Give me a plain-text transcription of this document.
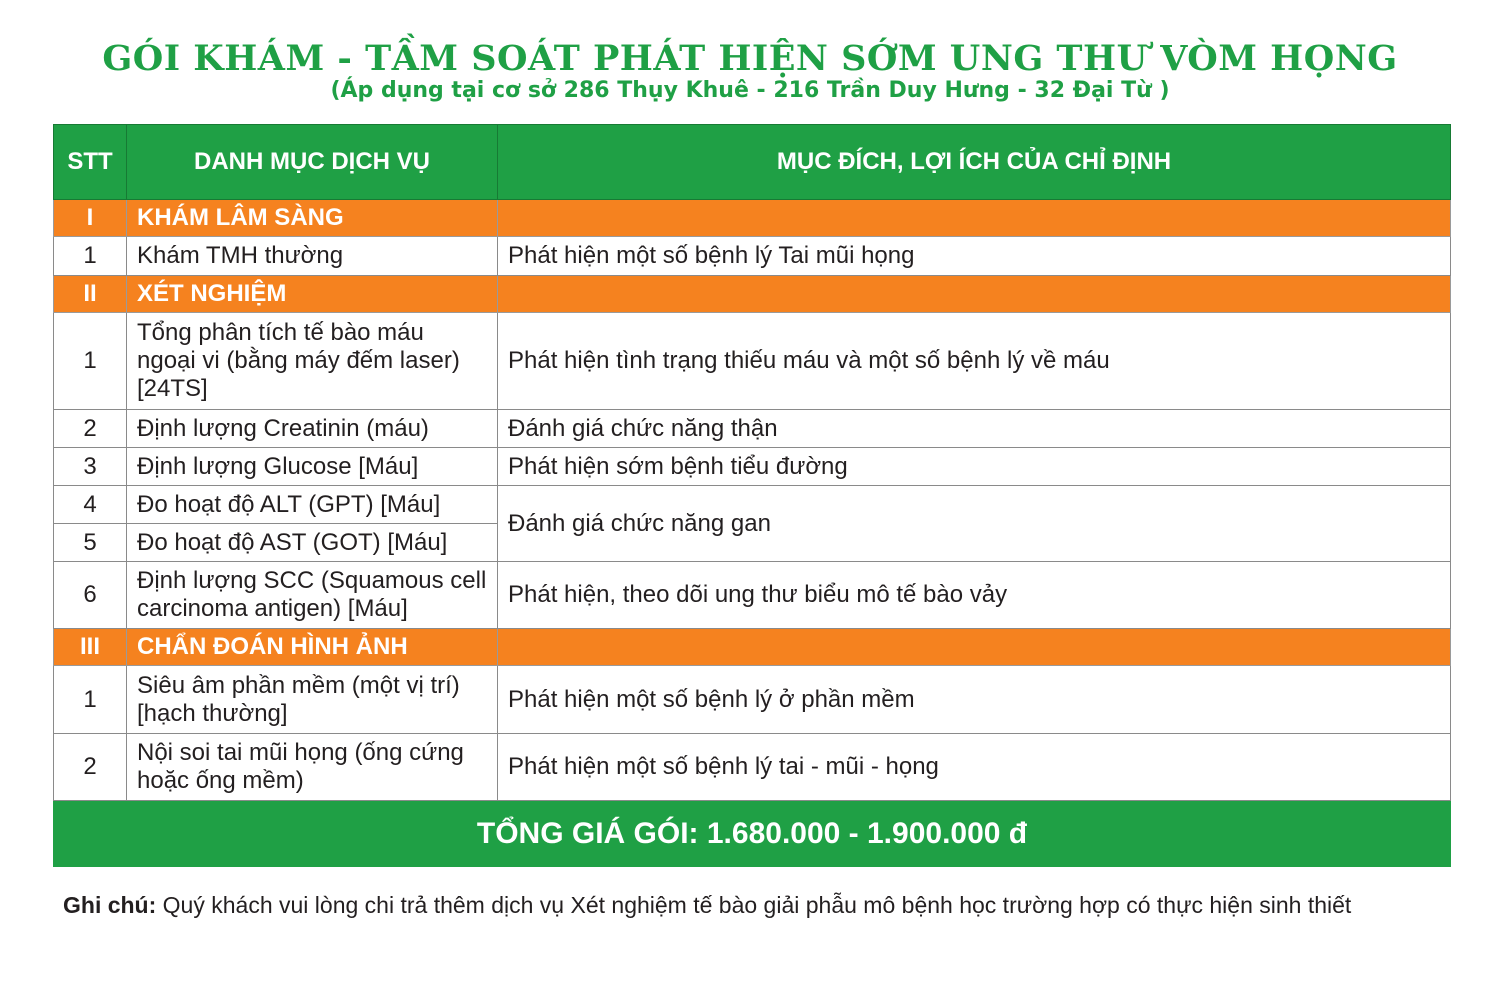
GÓI KHÁM - TẦM SOÁT PHÁT HIỆN SỚM UNG THƯ VÒM HỌNG
(Áp dụng tại cơ sở 286 Thụy Khuê - 216 Trần Duy Hưng - 32 Đại Từ )
STT	DANH MỤC DỊCH VỤ	MỤC ĐÍCH, LỢI ÍCH CỦA CHỈ ĐỊNH
I	KHÁM LÂM SÀNG	
1	Khám TMH thường	Phát hiện một số bệnh lý Tai mũi họng
II	XÉT NGHIỆM	
1	Tổng phân tích tế bào máu ngoại vi (bằng máy đếm laser) [24TS]	Phát hiện tình trạng thiếu máu và một số bệnh lý về máu
2	Định lượng Creatinin (máu)	Đánh giá chức năng thận
3	Định lượng Glucose [Máu]	Phát hiện sớm bệnh tiểu đường
4	Đo hoạt độ ALT (GPT) [Máu]	Đánh giá chức năng gan
5	Đo hoạt độ AST (GOT) [Máu]	
6	Định lượng SCC (Squamous cell carcinoma antigen) [Máu]	Phát hiện, theo dõi ung thư biểu mô tế bào vảy
III	CHẨN ĐOÁN HÌNH ẢNH	
1	Siêu âm phần mềm (một vị trí) [hạch thường]	Phát hiện một số bệnh lý ở phần mềm
2	Nội soi tai mũi họng (ống cứng hoặc ống mềm)	Phát hiện một số bệnh lý tai - mũi - họng
TỔNG GIÁ GÓI: 1.680.000 - 1.900.000 đ		
Ghi chú: Quý khách vui lòng chi trả thêm dịch vụ Xét nghiệm tế bào giải phẫu mô bệnh học trường hợp có thực hiện sinh thiết
